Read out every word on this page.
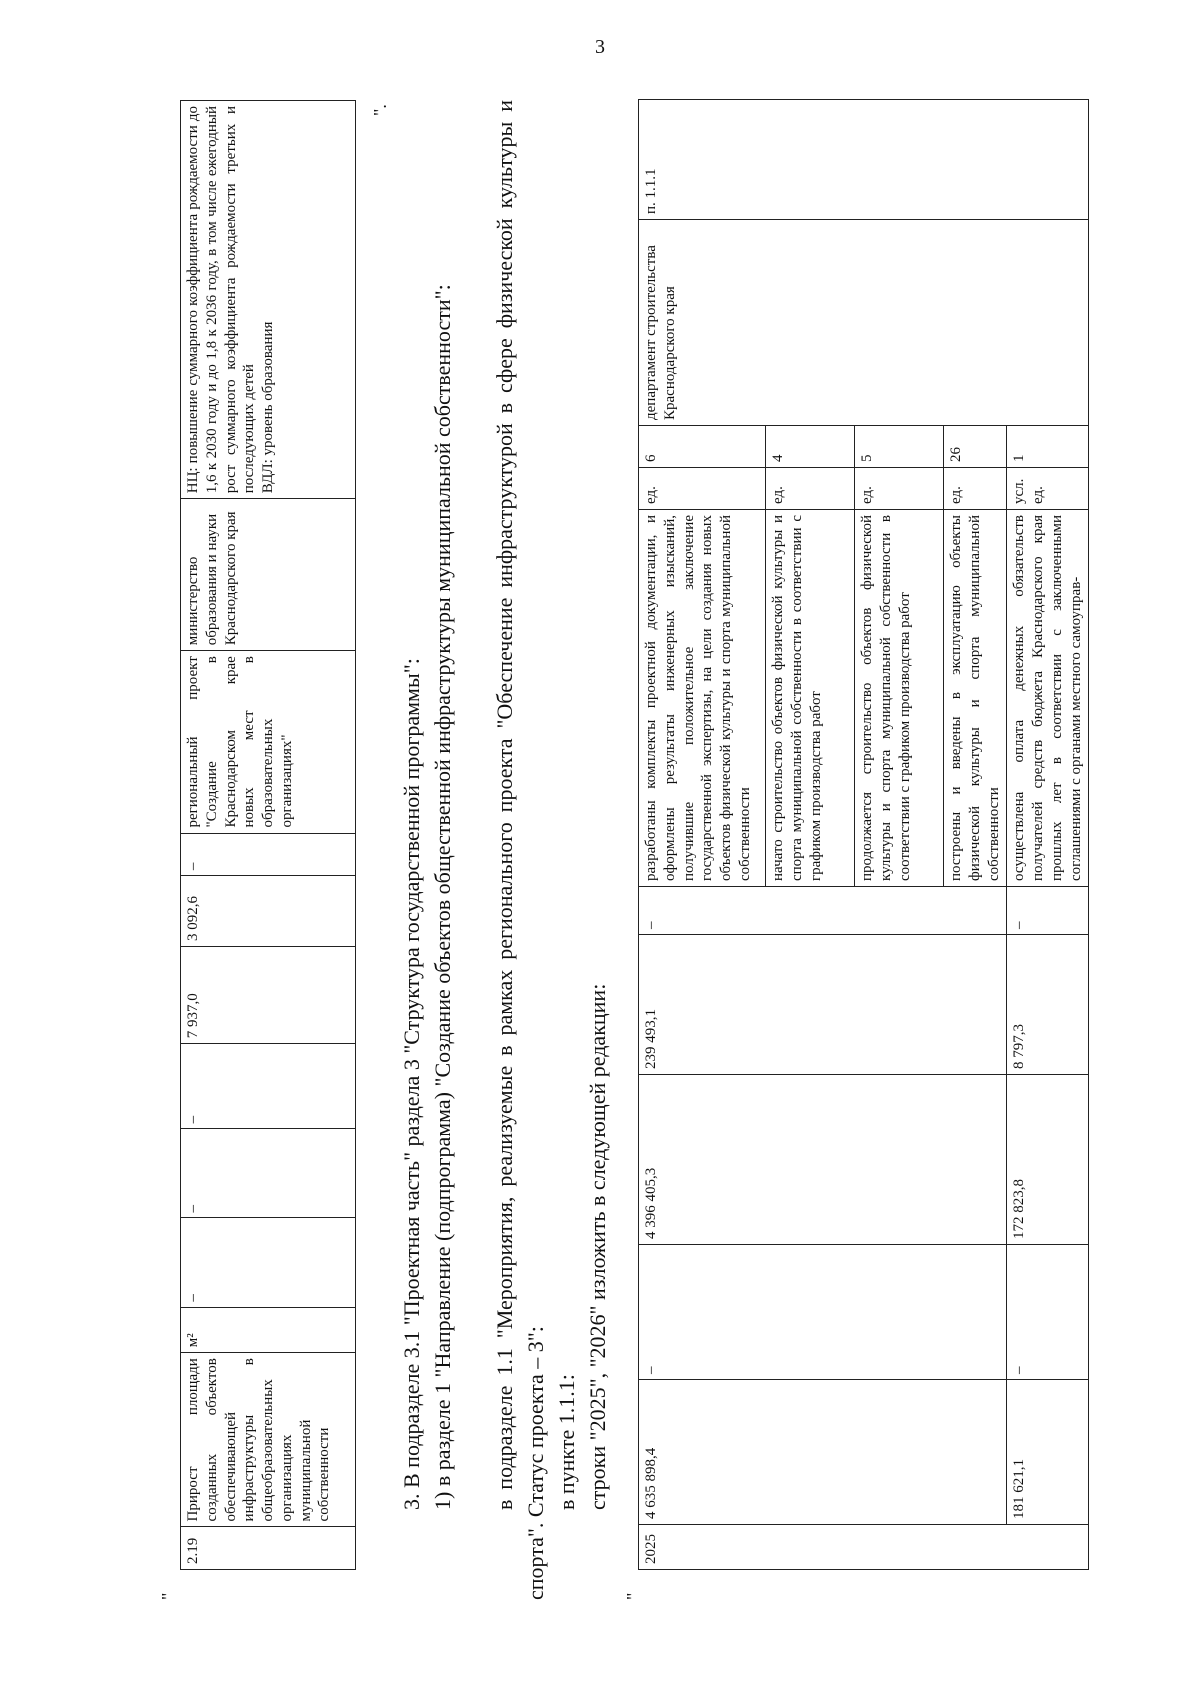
3
"
2.19	Прирост площади созданных объектов обеспечивающей инфраструктуры в общеобразовательных организациях муниципальной собственности	м²	–	–	–	7 937,0	3 092,6	–	региональный проект "Создание в Краснодарском крае новых мест в образовательных организациях"	министерство образования и науки Краснодарского края	НЦ: повышение суммарного коэффициента рождаемости до 1,6 к 2030 году и до 1,8 к 2036 году, в том числе ежегодный рост суммарного коэффициента рождаемости третьих и последующих детей
ВДЛ: уровень образования
".
3. В подразделе 3.1 "Проектная часть" раздела 3 "Структура государственной программы": 1) в разделе 1 "Направление (подпрограмма) "Создание объектов общественной инфраструктуры муниципальной собственности": в подразделе 1.1 "Мероприятия, реализуемые в рамках регионального проекта "Обеспечение инфраструктурой в сфере физической культуры и спорта". Статус проекта – 3": в пункте 1.1.1: строки "2025", "2026" изложить в следующей редакции:
"
2025	4 635 898,4	–	4 396 405,3	239 493,1	–	разработаны комплекты проектной документации, и оформлены результаты инженерных изысканий, получившие положительное заключение государственной экспертизы, на цели создания новых объектов физической культуры и спорта муниципальной собственности	ед.	6	департамент строительства Краснодарского края	п. 1.1.1
						начато строительство объектов физической культуры и спорта муниципальной собственности в соответствии с графиком производства работ	ед.	4		
						продолжается строительство объектов физической культуры и спорта муниципальной собственности в соответствии с графиком производства работ	ед.	5		
						построены и введены в эксплуатацию объекты физической культуры и спорта муниципальной собственности	ед.	26		
	181 621,1	–	172 823,8	8 797,3	–	осуществлена оплата денежных обязательств получателей средств бюджета Краснодарского края прошлых лет в соответствии с заключенными соглашениями с органами местного самоуправ-	усл. ед.	1		
